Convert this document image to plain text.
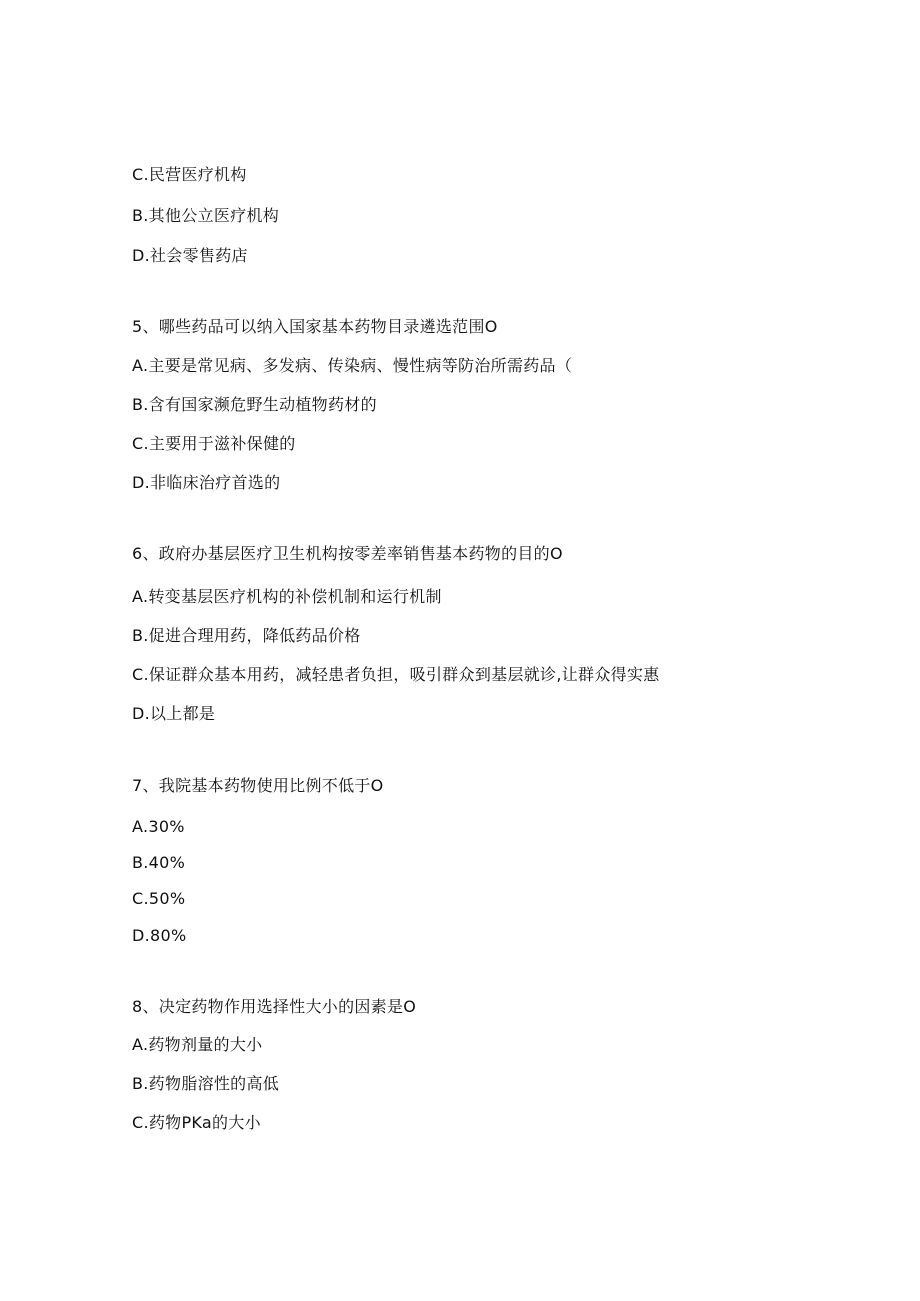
C.民营医疗机构
B.其他公立医疗机构
D.社会零售药店
5、哪些药品可以纳入国家基本药物目录遴选范围O
A.主要是常见病、多发病、传染病、慢性病等防治所需药品（
B.含有国家濒危野生动植物药材的
C.主要用于滋补保健的
D.非临床治疗首选的
6、政府办基层医疗卫生机构按零差率销售基本药物的目的O
A.转变基层医疗机构的补偿机制和运行机制
B.促进合理用药，降低药品价格
C.保证群众基本用药，减轻患者负担，吸引群众到基层就诊,让群众得实惠
D.以上都是
7、我院基本药物使用比例不低于O
A.30%
B.40%
C.50%
D.80%
8、决定药物作用选择性大小的因素是O
A.药物剂量的大小
B.药物脂溶性的高低
C.药物PKa的大小
